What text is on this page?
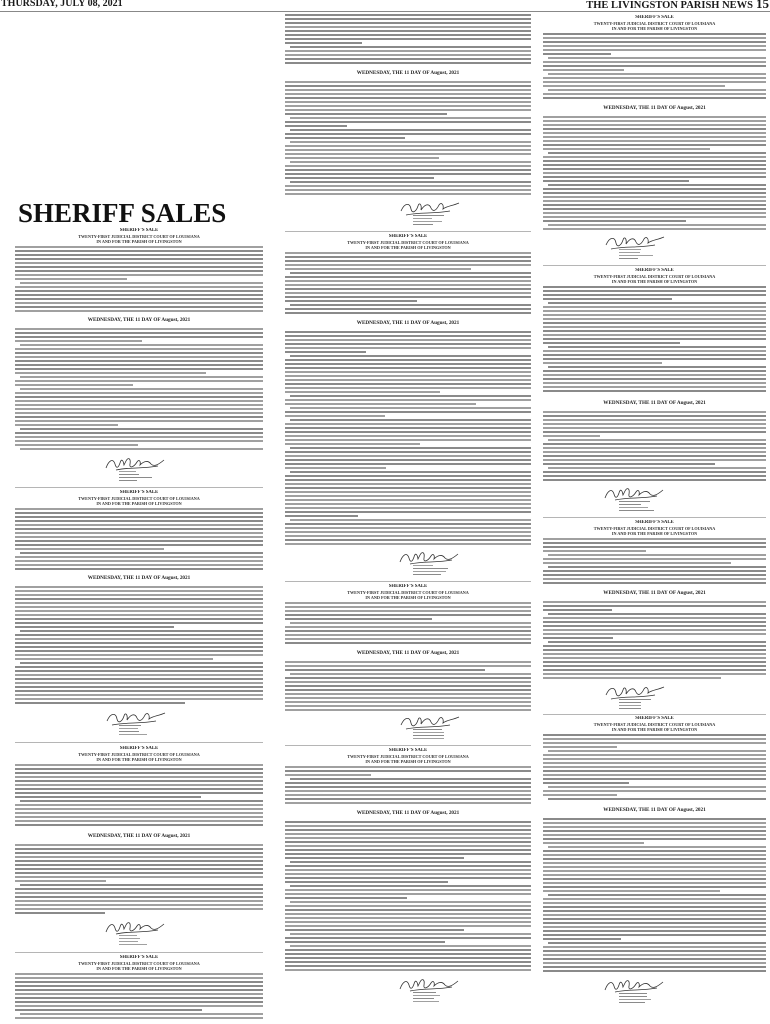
THURSDAY, JULY 08, 2021	THE LIVINGSTON PARISH NEWS 15
SHERIFF SALES
SHERIFF'S SALE
TWENTY-FIRST JUDICIAL DISTRICT COURT OF LOUISIANA
IN AND FOR THE PARISH OF LIVINGSTON
WEDNESDAY, THE 11 DAY OF August, 2021
SHERIFF'S SALE
TWENTY-FIRST JUDICIAL DISTRICT COURT OF LOUISIANA
IN AND FOR THE PARISH OF LIVINGSTON
WEDNESDAY, THE 11 DAY OF August, 2021
SHERIFF'S SALE
TWENTY-FIRST JUDICIAL DISTRICT COURT OF LOUISIANA
IN AND FOR THE PARISH OF LIVINGSTON
WEDNESDAY, THE 11 DAY OF August, 2021
SHERIFF'S SALE
TWENTY-FIRST JUDICIAL DISTRICT COURT OF LOUISIANA
IN AND FOR THE PARISH OF LIVINGSTON
WEDNESDAY, THE 11 DAY OF August, 2021
SHERIFF'S SALE
TWENTY-FIRST JUDICIAL DISTRICT COURT OF LOUISIANA
IN AND FOR THE PARISH OF LIVINGSTON
WEDNESDAY, THE 11 DAY OF August, 2021
SHERIFF'S SALE
TWENTY-FIRST JUDICIAL DISTRICT COURT OF LOUISIANA
IN AND FOR THE PARISH OF LIVINGSTON
WEDNESDAY, THE 11 DAY OF August, 2021
SHERIFF'S SALE
TWENTY-FIRST JUDICIAL DISTRICT COURT OF LOUISIANA
IN AND FOR THE PARISH OF LIVINGSTON
WEDNESDAY, THE 11 DAY OF August, 2021
SHERIFF'S SALE
TWENTY-FIRST JUDICIAL DISTRICT COURT OF LOUISIANA
IN AND FOR THE PARISH OF LIVINGSTON
WEDNESDAY, THE 11 DAY OF August, 2021
SHERIFF'S SALE
TWENTY-FIRST JUDICIAL DISTRICT COURT OF LOUISIANA
IN AND FOR THE PARISH OF LIVINGSTON
WEDNESDAY, THE 11 DAY OF August, 2021
SHERIFF'S SALE
TWENTY-FIRST JUDICIAL DISTRICT COURT OF LOUISIANA
IN AND FOR THE PARISH OF LIVINGSTON
WEDNESDAY, THE 11 DAY OF August, 2021
SHERIFF'S SALE
TWENTY-FIRST JUDICIAL DISTRICT COURT OF LOUISIANA
IN AND FOR THE PARISH OF LIVINGSTON
WEDNESDAY, THE 11 DAY OF August, 2021
